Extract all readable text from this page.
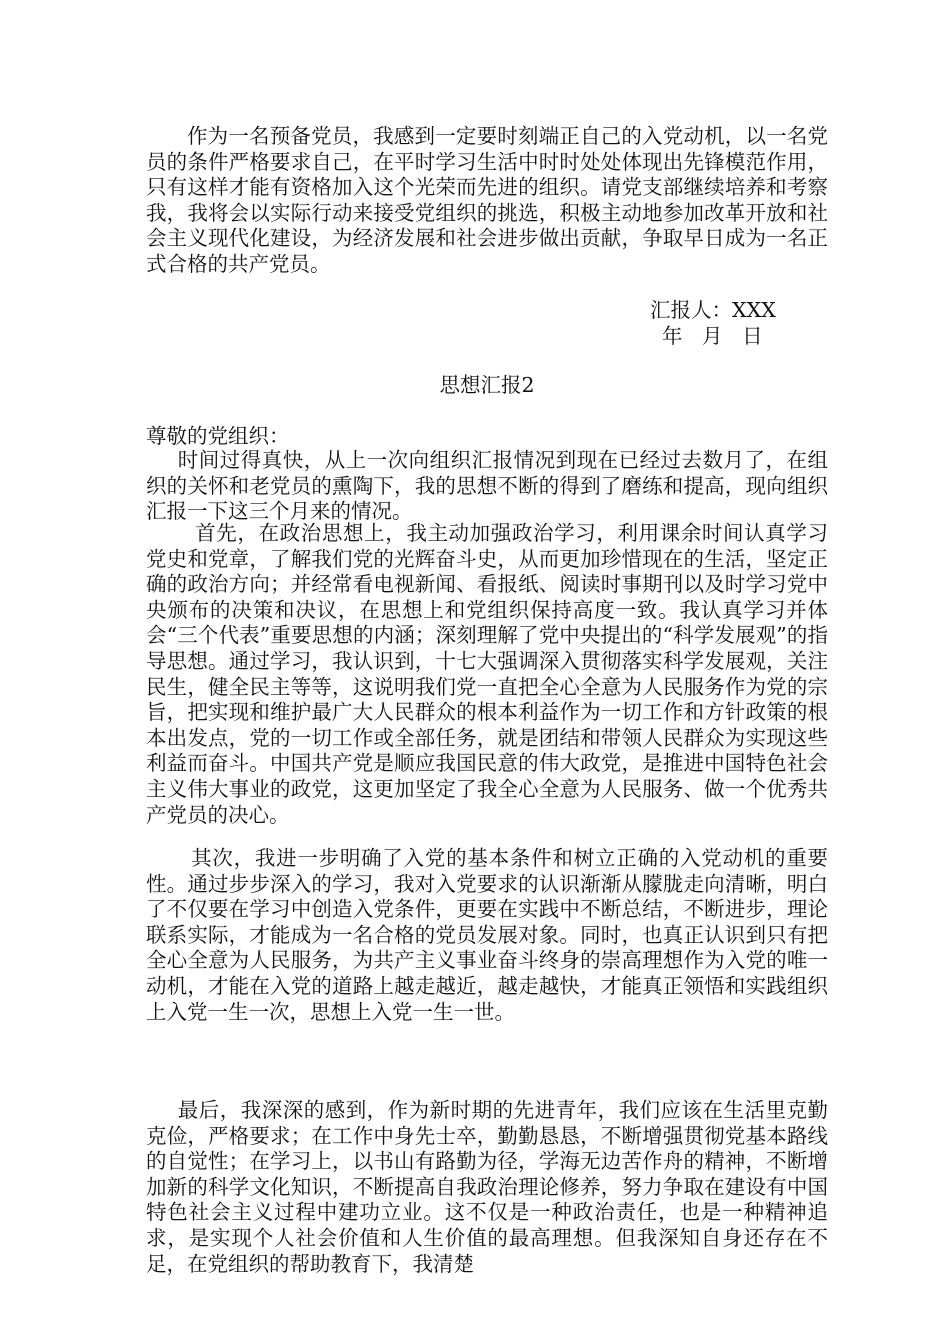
作为一名预备党员，我感到一定要时刻端正自己的入党动机，以一名党员的条件严格要求自己，在平时学习生活中时时处处体现出先锋模范作用，只有这样才能有资格加入这个光荣而先进的组织。请党支部继续培养和考察我，我将会以实际行动来接受党组织的挑选，积极主动地参加改革开放和社会主义现代化建设，为经济发展和社会进步做出贡献，争取早日成为一名正式合格的共产党员。

汇报人：XXX

年   月   日

思想汇报2

尊敬的党组织：

时间过得真快，从上一次向组织汇报情况到现在已经过去数月了，在组织的关怀和老党员的熏陶下，我的思想不断的得到了磨练和提高，现向组织汇报一下这三个月来的情况。

首先，在政治思想上，我主动加强政治学习，利用课余时间认真学习党史和党章，了解我们党的光辉奋斗史，从而更加珍惜现在的生活，坚定正确的政治方向；并经常看电视新闻、看报纸、阅读时事期刊以及时学习党中央颁布的决策和决议，在思想上和党组织保持高度一致。我认真学习并体会“三个代表”重要思想的内涵；深刻理解了党中央提出的“科学发展观”的指导思想。通过学习，我认识到，十七大强调深入贯彻落实科学发展观，关注民生，健全民主等等，这说明我们党一直把全心全意为人民服务作为党的宗旨，把实现和维护最广大人民群众的根本利益作为一切工作和方针政策的根本出发点，党的一切工作或全部任务，就是团结和带领人民群众为实现这些利益而奋斗。中国共产党是顺应我国民意的伟大政党，是推进中国特色社会主义伟大事业的政党，这更加坚定了我全心全意为人民服务、做一个优秀共产党员的决心。

其次，我进一步明确了入党的基本条件和树立正确的入党动机的重要性。通过步步深入的学习，我对入党要求的认识渐渐从朦胧走向清晰，明白了不仅要在学习中创造入党条件，更要在实践中不断总结，不断进步，理论联系实际，才能成为一名合格的党员发展对象。同时，也真正认识到只有把全心全意为人民服务，为共产主义事业奋斗终身的崇高理想作为入党的唯一动机，才能在入党的道路上越走越近，越走越快，才能真正领悟和实践组织上入党一生一次，思想上入党一生一世。

最后，我深深的感到，作为新时期的先进青年，我们应该在生活里克勤克俭，严格要求；在工作中身先士卒，勤勤恳恳，不断增强贯彻党基本路线的自觉性；在学习上，以书山有路勤为径，学海无边苦作舟的精神，不断增加新的科学文化知识，不断提高自我政治理论修养，努力争取在建设有中国特色社会主义过程中建功立业。这不仅是一种政治责任，也是一种精神追求，是实现个人社会价值和人生价值的最高理想。但我深知自身还存在不足，在党组织的帮助教育下，我清楚
